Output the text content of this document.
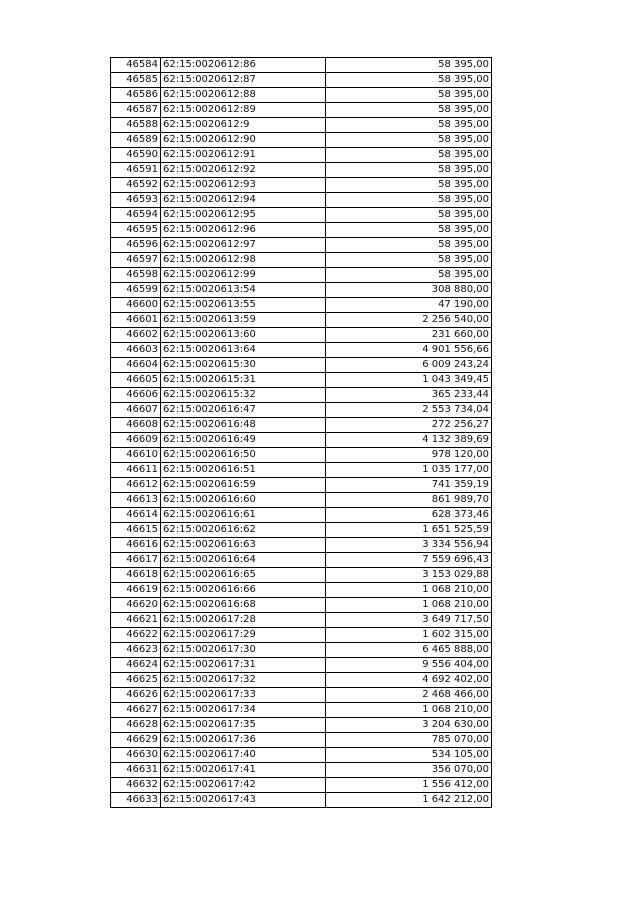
46584	62:15:0020612:86	58 395,00
46585	62:15:0020612:87	58 395,00
46586	62:15:0020612:88	58 395,00
46587	62:15:0020612:89	58 395,00
46588	62:15:0020612:9	58 395,00
46589	62:15:0020612:90	58 395,00
46590	62:15:0020612:91	58 395,00
46591	62:15:0020612:92	58 395,00
46592	62:15:0020612:93	58 395,00
46593	62:15:0020612:94	58 395,00
46594	62:15:0020612:95	58 395,00
46595	62:15:0020612:96	58 395,00
46596	62:15:0020612:97	58 395,00
46597	62:15:0020612:98	58 395,00
46598	62:15:0020612:99	58 395,00
46599	62:15:0020613:54	308 880,00
46600	62:15:0020613:55	47 190,00
46601	62:15:0020613:59	2 256 540,00
46602	62:15:0020613:60	231 660,00
46603	62:15:0020613:64	4 901 556,66
46604	62:15:0020615:30	6 009 243,24
46605	62:15:0020615:31	1 043 349,45
46606	62:15:0020615:32	365 233,44
46607	62:15:0020616:47	2 553 734,04
46608	62:15:0020616:48	272 256,27
46609	62:15:0020616:49	4 132 389,69
46610	62:15:0020616:50	978 120,00
46611	62:15:0020616:51	1 035 177,00
46612	62:15:0020616:59	741 359,19
46613	62:15:0020616:60	861 989,70
46614	62:15:0020616:61	628 373,46
46615	62:15:0020616:62	1 651 525,59
46616	62:15:0020616:63	3 334 556,94
46617	62:15:0020616:64	7 559 696,43
46618	62:15:0020616:65	3 153 029,88
46619	62:15:0020616:66	1 068 210,00
46620	62:15:0020616:68	1 068 210,00
46621	62:15:0020617:28	3 649 717,50
46622	62:15:0020617:29	1 602 315,00
46623	62:15:0020617:30	6 465 888,00
46624	62:15:0020617:31	9 556 404,00
46625	62:15:0020617:32	4 692 402,00
46626	62:15:0020617:33	2 468 466,00
46627	62:15:0020617:34	1 068 210,00
46628	62:15:0020617:35	3 204 630,00
46629	62:15:0020617:36	785 070,00
46630	62:15:0020617:40	534 105,00
46631	62:15:0020617:41	356 070,00
46632	62:15:0020617:42	1 556 412,00
46633	62:15:0020617:43	1 642 212,00
